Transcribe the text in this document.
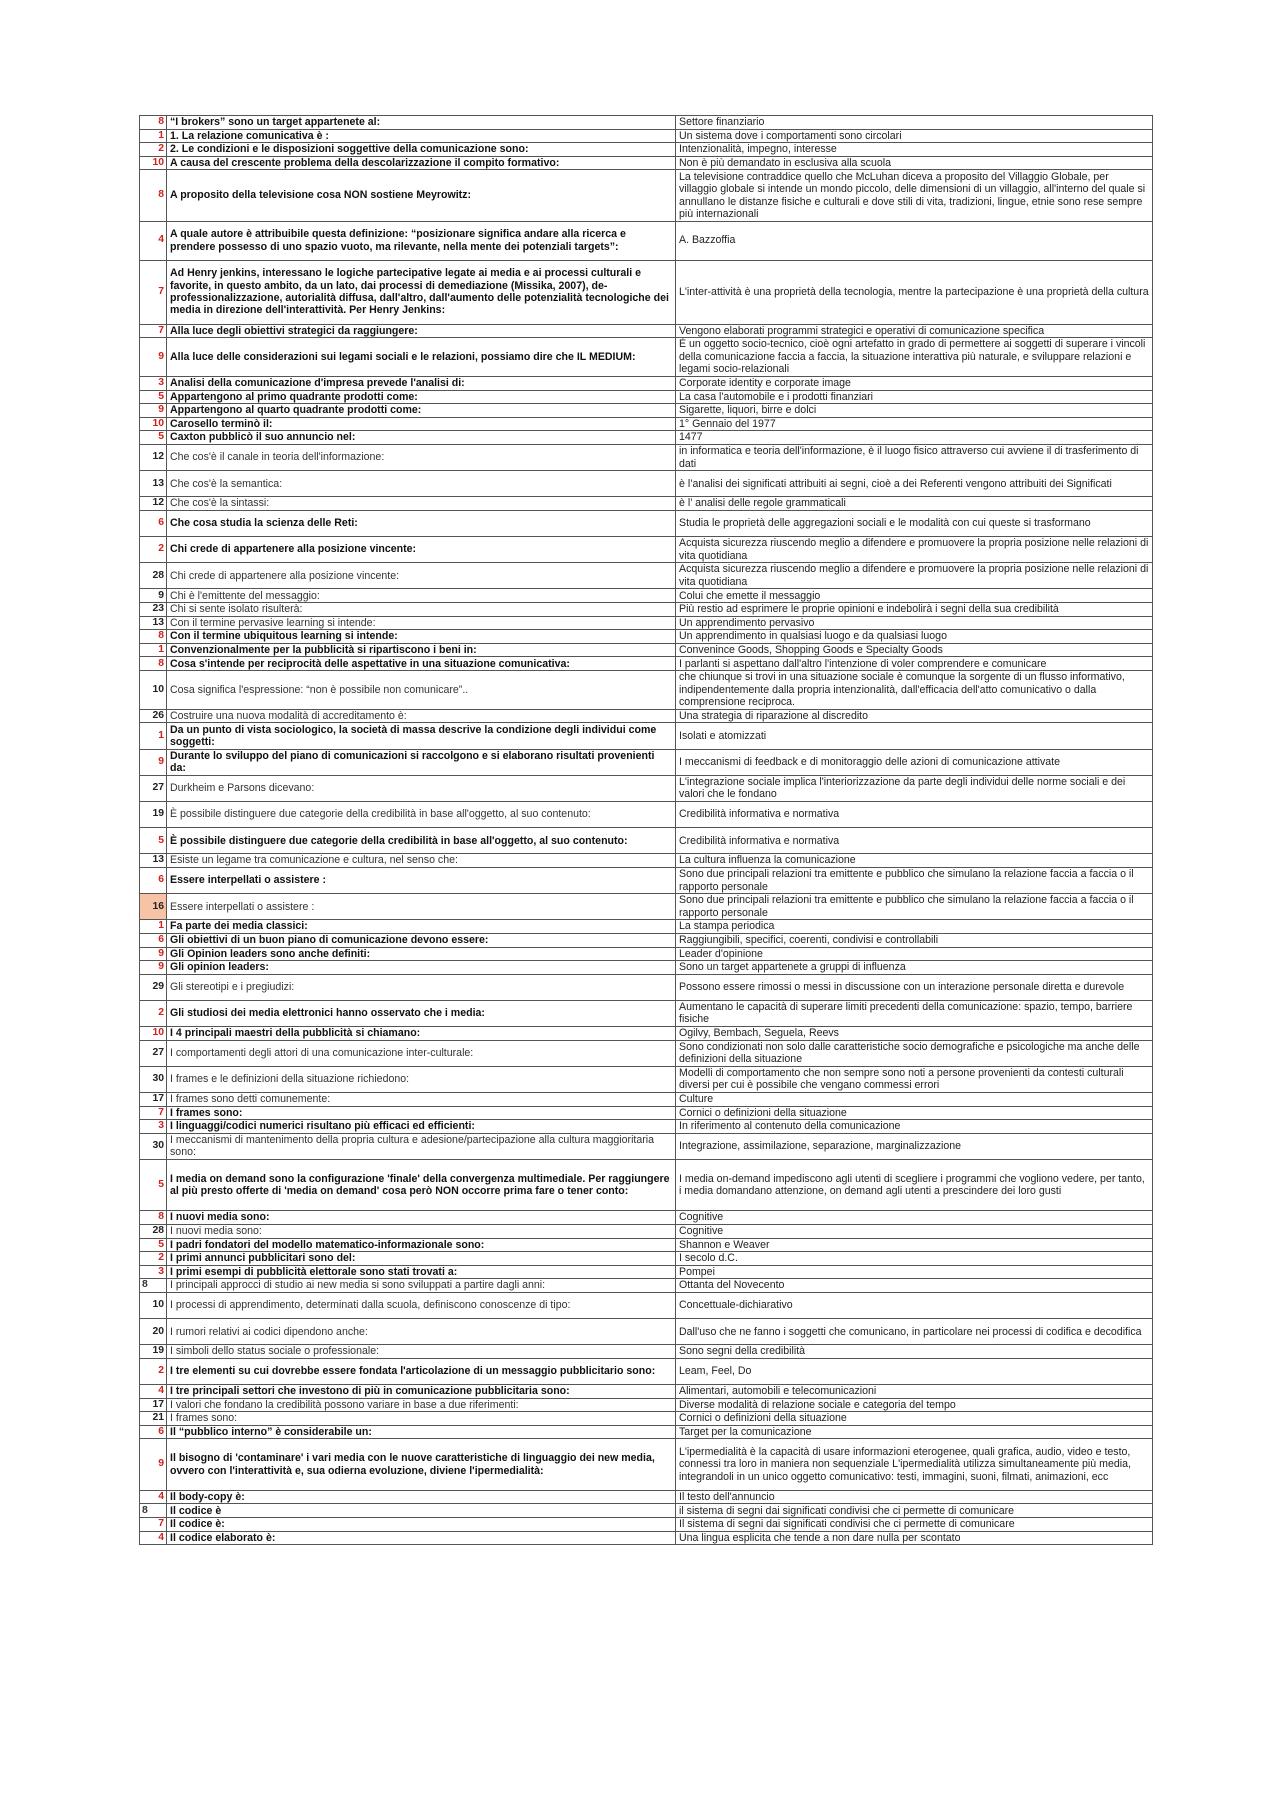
8	“I brokers” sono un target appartenete al:	Settore finanziario
1	1. La relazione comunicativa è :	Un sistema dove i comportamenti sono circolari
2	2. Le condizioni e le disposizioni soggettive della comunicazione sono:	Intenzionalità, impegno, interesse
10	A causa del crescente problema della descolarizzazione il compito formativo:	Non è più demandato in esclusiva alla scuola
8	A proposito della televisione cosa NON sostiene Meyrowitz:	La televisione contraddice quello che McLuhan diceva a proposito del Villaggio Globale, per villaggio globale si intende un mondo piccolo, delle dimensioni di un villaggio, all'interno del quale si annullano le distanze fisiche e culturali e dove stili di vita, tradizioni, lingue, etnie sono rese sempre più internazionali
4	A quale autore è attribuibile questa definizione: “posizionare significa andare alla ricerca e prendere possesso di uno spazio vuoto, ma rilevante, nella mente dei potenziali targets”:	A. Bazzoffia
7	Ad Henry jenkins, interessano le logiche partecipative legate ai media e ai processi culturali e favorite, in questo ambito, da un lato, dai processi di demediazione (Missika, 2007), de-professionalizzazione, autorialità diffusa, dall'altro, dall'aumento delle potenzialità tecnologiche dei media in direzione dell'interattività. Per Henry Jenkins:	L'inter-attività è una proprietà della tecnologia, mentre la partecipazione è una proprietà della cultura
7	Alla luce degli obiettivi strategici da raggiungere:	Vengono elaborati programmi strategici e operativi di comunicazione specifica
9	Alla luce delle considerazioni sui legami sociali e le relazioni, possiamo dire che IL MEDIUM:	È un oggetto socio-tecnico, cioè ogni artefatto in grado di permettere ai soggetti di superare i vincoli della comunicazione faccia a faccia, la situazione interattiva più naturale, e sviluppare relazioni e legami socio-relazionali
3	Analisi della comunicazione d'impresa prevede l'analisi di:	Corporate identity e corporate image
5	Appartengono al primo quadrante prodotti come:	La casa l'automobile e i prodotti finanziari
9	Appartengono al quarto quadrante prodotti come:	Sigarette, liquori, birre e dolci
10	Carosello terminò il:	1° Gennaio del 1977
5	Caxton pubblicò il suo annuncio nel:	1477
12	Che cos'è il canale in teoria dell'informazione:	in informatica e teoria dell'informazione, è il luogo fisico attraverso cui avviene il di trasferimento di dati
13	Che cos'è la semantica:	è l’analisi dei significati attribuiti ai segni, cioè a dei Referenti vengono attribuiti dei Significati
12	Che cos'è la sintassi:	è l’ analisi delle regole grammaticali
6	Che cosa studia la scienza delle Reti:	Studia le proprietà delle aggregazioni sociali e le modalità con cui queste si trasformano
2	Chi crede di appartenere alla posizione vincente:	Acquista sicurezza riuscendo meglio a difendere e promuovere la propria posizione nelle relazioni di vita quotidiana
28	Chi crede di appartenere alla posizione vincente:	Acquista sicurezza riuscendo meglio a difendere e promuovere la propria posizione nelle relazioni di vita quotidiana
9	Chi è l'emittente del messaggio:	Colui che emette il messaggio
23	Chi si sente isolato risulterà:	Più restio ad esprimere le proprie opinioni e indebolirà i segni della sua credibilità
13	Con il termine pervasive learning si intende:	Un apprendimento pervasivo
8	Con il termine ubiquitous learning si intende:	Un apprendimento in qualsiasi luogo e da qualsiasi luogo
1	Convenzionalmente per la pubblicità si ripartiscono i beni in:	Convenince Goods, Shopping Goods e Specialty Goods
8	Cosa s'intende per reciprocità delle aspettative in una situazione comunicativa:	I parlanti si aspettano dall'altro l'intenzione di voler comprendere e comunicare
10	Cosa significa l'espressione: “non è possibile non comunicare”..	che chiunque si trovi in una situazione sociale è comunque la sorgente di un flusso informativo, indipendentemente dalla propria intenzionalità, dall'efficacia dell'atto comunicativo o dalla comprensione reciproca.
26	Costruire una nuova modalità di accreditamento è:	Una strategia di riparazione al discredito
1	Da un punto di vista sociologico, la società di massa descrive la condizione degli individui come soggetti:	Isolati e atomizzati
9	Durante lo sviluppo del piano di comunicazioni si raccolgono e si elaborano risultati provenienti da:	I meccanismi di feedback e di monitoraggio delle azioni di comunicazione attivate
27	Durkheim e Parsons dicevano:	L'integrazione sociale implica l'interiorizzazione da parte degli individui delle norme sociali e dei valori che le fondano
19	È possibile distinguere due categorie della credibilità in base all'oggetto, al suo contenuto:	Credibilità informativa e normativa
5	È possibile distinguere due categorie della credibilità in base all'oggetto, al suo contenuto:	Credibilità informativa e normativa
13	Esiste un legame tra comunicazione e cultura, nel senso che:	La cultura influenza la comunicazione
6	Essere interpellati o assistere :	Sono due principali relazioni tra emittente e pubblico che simulano la relazione faccia a faccia o il rapporto personale
16	Essere interpellati o assistere :	Sono due principali relazioni tra emittente e pubblico che simulano la relazione faccia a faccia o il rapporto personale
1	Fa parte dei media classici:	La stampa periodica
6	Gli obiettivi di un buon piano di comunicazione devono essere:	Raggiungibili, specifici, coerenti, condivisi e controllabili
9	Gli Opinion leaders sono anche definiti:	Leader d'opinione
9	Gli opinion leaders:	Sono un target appartenete a gruppi di influenza
29	Gli stereotipi e i pregiudizi:	Possono essere rimossi o messi in discussione con un interazione personale diretta e durevole
2	Gli studiosi dei media elettronici hanno osservato che i media:	Aumentano le capacità di superare limiti precedenti della comunicazione: spazio, tempo, barriere fisiche
10	I 4 principali maestri della pubblicità si chiamano:	Ogilvy, Bembach, Seguela, Reevs
27	I comportamenti degli attori di una comunicazione inter-culturale:	Sono condizionati non solo dalle caratteristiche socio demografiche e psicologiche ma anche delle definizioni della situazione
30	I frames e le definizioni della situazione richiedono:	Modelli di comportamento che non sempre sono noti a persone provenienti da contesti culturali diversi per cui è possibile che vengano commessi errori
17	I frames sono detti comunemente:	Culture
7	I frames sono:	Cornici o definizioni della situazione
3	I linguaggi/codici numerici risultano più efficaci ed efficienti:	In riferimento al contenuto della comunicazione
30	I meccanismi di mantenimento della propria cultura e adesione/partecipazione alla cultura maggioritaria sono:	Integrazione, assimilazione, separazione, marginalizzazione
5	I media on demand sono la configurazione 'finale' della convergenza multimediale. Per raggiungere al più presto offerte di 'media on demand' cosa però NON occorre prima fare o tener conto:	I media on-demand impediscono agli utenti di scegliere i programmi che vogliono vedere, per tanto, i media domandano attenzione, on demand agli utenti a prescindere dei loro gusti
8	I nuovi media sono:	Cognitive
28	I nuovi media sono:	Cognitive
5	I padri fondatori del modello matematico-informazionale sono:	Shannon e Weaver
2	I primi annunci pubblicitari sono del:	I secolo d.C.
3	I primi esempi di pubblicità elettorale sono stati trovati a:	Pompei
8	I principali approcci di studio ai new media si sono sviluppati a partire dagli anni:	Ottanta del Novecento
10	I processi di apprendimento, determinati dalla scuola, definiscono conoscenze di tipo:	Concettuale-dichiarativo
20	I rumori relativi ai codici dipendono anche:	Dall'uso che ne fanno i soggetti che comunicano, in particolare nei processi di codifica e decodifica
19	I simboli dello status sociale o professionale:	Sono segni della credibilità
2	I tre elementi su cui dovrebbe essere fondata l'articolazione di un messaggio pubblicitario sono:	Leam, Feel, Do
4	I tre principali settori che investono di più in comunicazione pubblicitaria sono:	Alimentari, automobili e telecomunicazioni
17	I valori che fondano la credibilità possono variare in base a due riferimenti:	Diverse modalità di relazione sociale e categoria del tempo
21	I frames sono:	Cornici o definizioni della situazione
6	Il “pubblico interno” è considerabile un:	Target per la comunicazione
9	Il bisogno di 'contaminare' i vari media con le nuove caratteristiche di linguaggio dei new media, ovvero con l'interattività e, sua odierna evoluzione, diviene l'ipermedialità:	L'ipermedialità è la capacità di usare informazioni eterogenee, quali grafica, audio, video e testo, connessi tra loro in maniera non sequenziale L'ipermedialità utilizza simultaneamente più media, integrandoli in un unico oggetto comunicativo: testi, immagini, suoni, filmati, animazioni, ecc
4	Il body-copy è:	Il testo dell'annuncio
8	Il codice è	il sistema di segni dai significati condivisi che ci permette di comunicare
7	Il codice è:	Il sistema di segni dai significati condivisi che ci permette di comunicare
4	Il codice elaborato è:	Una lingua esplicita che tende a non dare nulla per scontato
